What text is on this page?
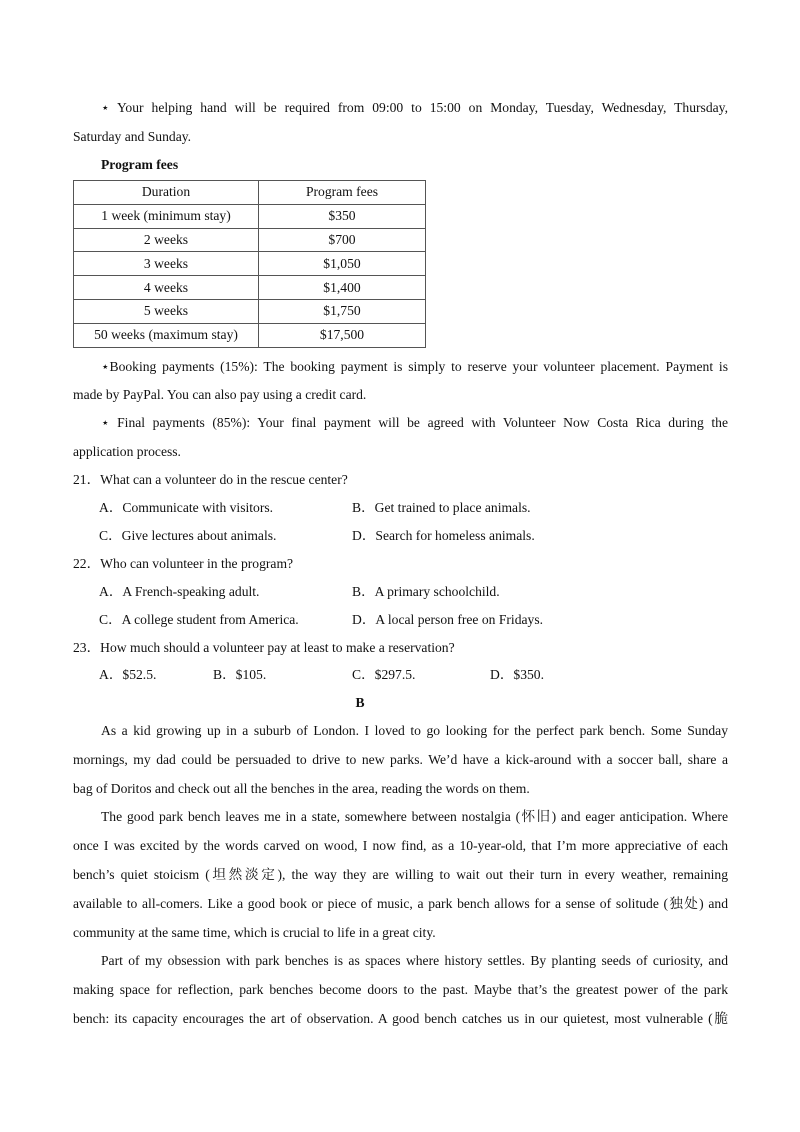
⋆ Your helping hand will be required from 09:00 to 15:00 on Monday, Tuesday, Wednesday, Thursday,
Saturday and Sunday.
Program fees
Duration	Program fees
1 week (minimum stay)	$350
2 weeks	$700
3 weeks	$1,050
4 weeks	$1,400
5 weeks	$1,750
50 weeks (maximum stay)	$17,500
⋆Booking payments (15%): The booking payment is simply to reserve your volunteer placement. Payment is
made by PayPal. You can also pay using a credit card.
⋆ Final payments (85%): Your final payment will be agreed with Volunteer Now Costa Rica during the
application process.
21．What can a volunteer do in the rescue center?
A．Communicate with visitors.	B．Get trained to place animals.
C．Give lectures about animals.	D．Search for homeless animals.
22．Who can volunteer in the program?
A．A French-speaking adult.	B．A primary schoolchild.
C．A college student from America.	D．A local person free on Fridays.
23．How much should a volunteer pay at least to make a reservation?
A．$52.5.	B．$105.	C．$297.5.	D．$350.
B
As a kid growing up in a suburb of London. I loved to go looking for the perfect park bench. Some Sunday
mornings, my dad could be persuaded to drive to new parks. We’d have a kick-around with a soccer ball, share a
bag of Doritos and check out all the benches in the area, reading the words on them.
The good park bench leaves me in a state, somewhere between nostalgia (怀旧) and eager anticipation. Where
once I was excited by the words carved on wood, I now find, as a 10-year-old, that I’m more appreciative of each
bench’s quiet stoicism (坦然淡定), the way they are willing to wait out their turn in every weather, remaining
available to all-comers. Like a good book or piece of music, a park bench allows for a sense of solitude (独处) and
community at the same time, which is crucial to life in a great city.
Part of my obsession with park benches is as spaces where history settles. By planting seeds of curiosity, and
making space for reflection, park benches become doors to the past. Maybe that’s the greatest power of the park
bench: its capacity encourages the art of observation. A good bench catches us in our quietest, most vulnerable (脆
